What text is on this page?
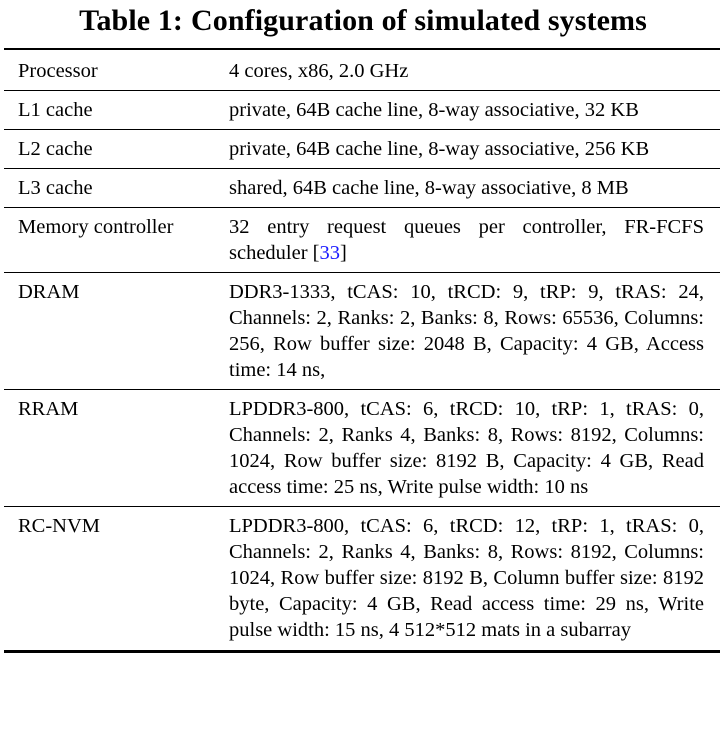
Table 1: Configuration of simulated systems
Processor	4 cores, x86, 2.0 GHz
L1 cache	private, 64B cache line, 8-way associative, 32 KB
L2 cache	private, 64B cache line, 8-way associative, 256 KB
L3 cache	shared, 64B cache line, 8-way associative, 8 MB
Memory controller	32 entry request queues per controller, FR-FCFS scheduler [33]
DRAM	DDR3-1333, tCAS: 10, tRCD: 9, tRP: 9, tRAS: 24, Channels: 2, Ranks: 2, Banks: 8, Rows: 65536, Columns: 256, Row buffer size: 2048 B, Capacity: 4 GB, Access time: 14 ns,
RRAM	LPDDR3-800, tCAS: 6, tRCD: 10, tRP: 1, tRAS: 0, Channels: 2, Ranks 4, Banks: 8, Rows: 8192, Columns: 1024, Row buffer size: 8192 B, Capacity: 4 GB, Read access time: 25 ns, Write pulse width: 10 ns
RC-NVM	LPDDR3-800, tCAS: 6, tRCD: 12, tRP: 1, tRAS: 0, Channels: 2, Ranks 4, Banks: 8, Rows: 8192, Columns: 1024, Row buffer size: 8192 B, Column buffer size: 8192 byte, Capacity: 4 GB, Read access time: 29 ns, Write pulse width: 15 ns, 4 512*512 mats in a subarray
